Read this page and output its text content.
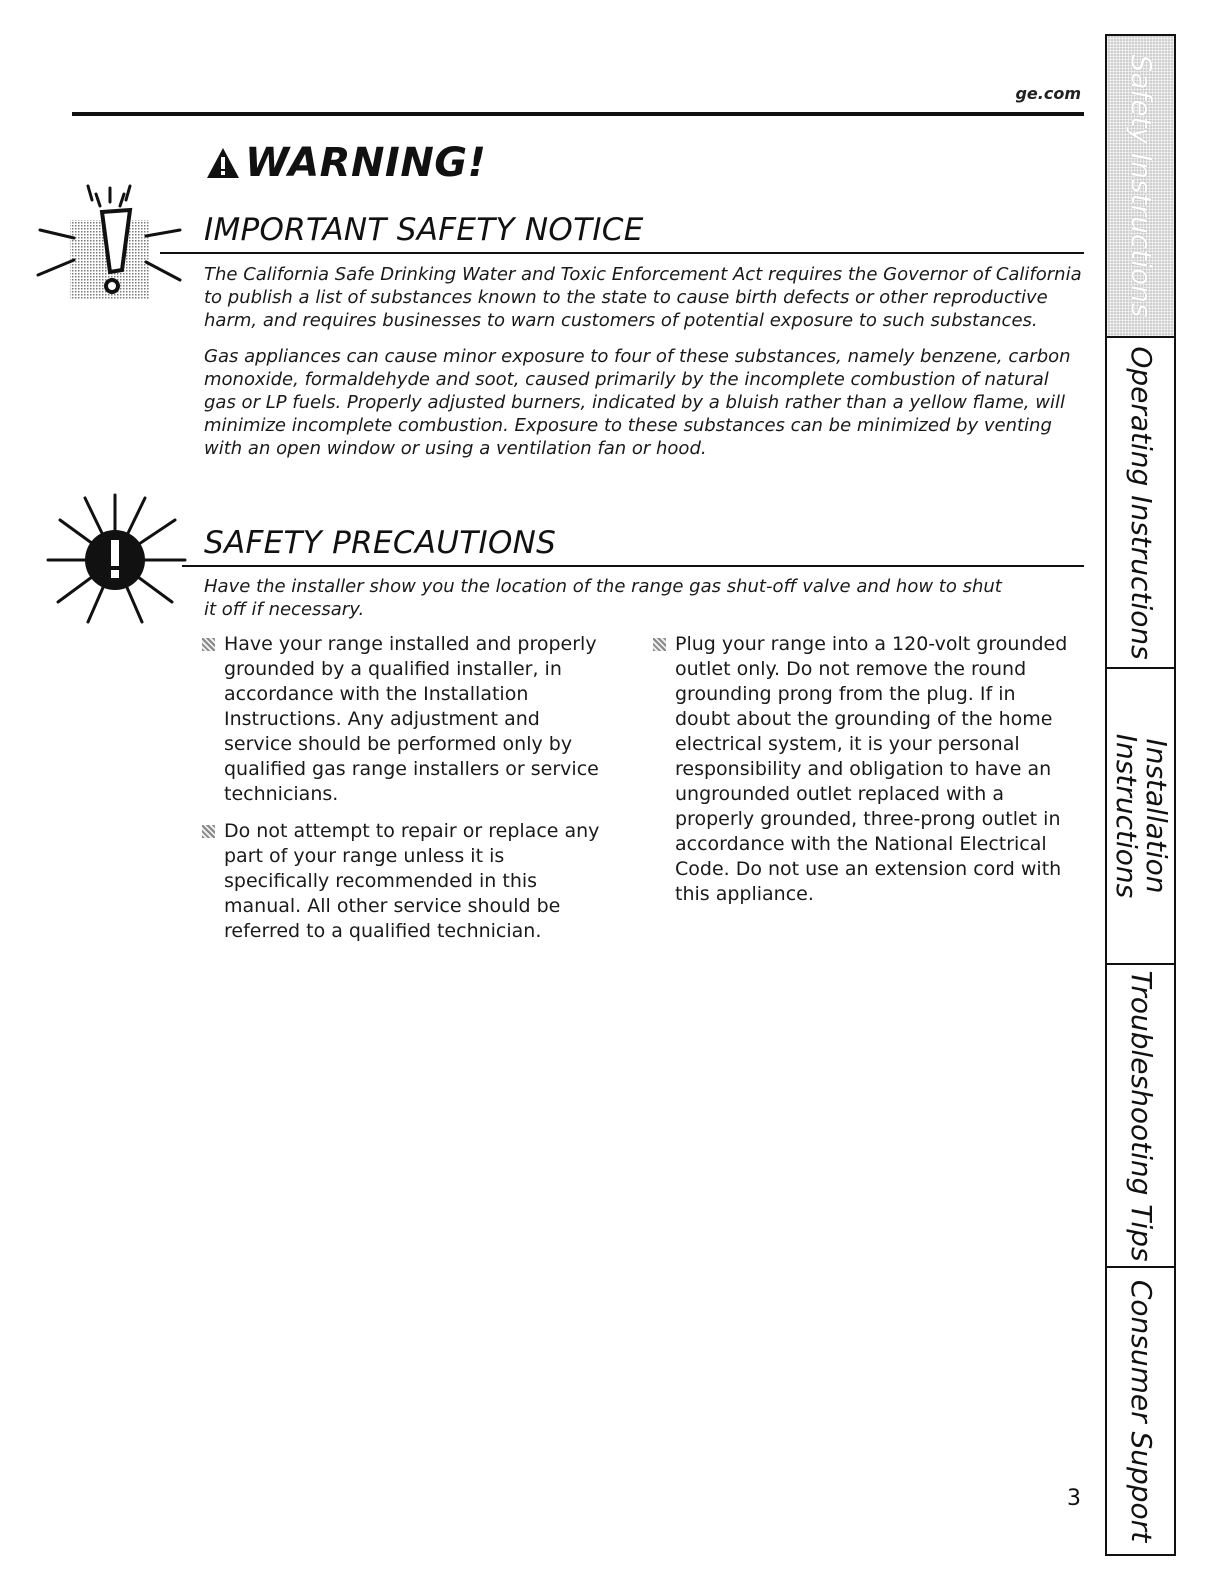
ge.com
WARNING!
IMPORTANT SAFETY NOTICE
The California Safe Drinking Water and Toxic Enforcement Act requires the Governor of California to publish a list of substances known to the state to cause birth defects or other reproductive harm, and requires businesses to warn customers of potential exposure to such substances.
Gas appliances can cause minor exposure to four of these substances, namely benzene, carbon monoxide, formaldehyde and soot, caused primarily by the incomplete combustion of natural gas or LP fuels. Properly adjusted burners, indicated by a bluish rather than a yellow flame, will minimize incomplete combustion. Exposure to these substances can be minimized by venting with an open window or using a ventilation fan or hood.
SAFETY PRECAUTIONS
Have the installer show you the location of the range gas shut-off valve and how to shut it off if necessary.
Have your range installed and properly grounded by a qualified installer, in accordance with the Installation Instructions. Any adjustment and service should be performed only by qualified gas range installers or service technicians.
Do not attempt to repair or replace any part of your range unless it is specifically recommended in this manual. All other service should be referred to a qualified technician.
Plug your range into a 120-volt grounded outlet only. Do not remove the round grounding prong from the plug. If in doubt about the grounding of the home electrical system, it is your personal responsibility and obligation to have an ungrounded outlet replaced with a properly grounded, three-prong outlet in accordance with the National Electrical Code. Do not use an extension cord with this appliance.
Safety Instructions
Operating Instructions
Installation Instructions
Troubleshooting Tips
Consumer Support
3
